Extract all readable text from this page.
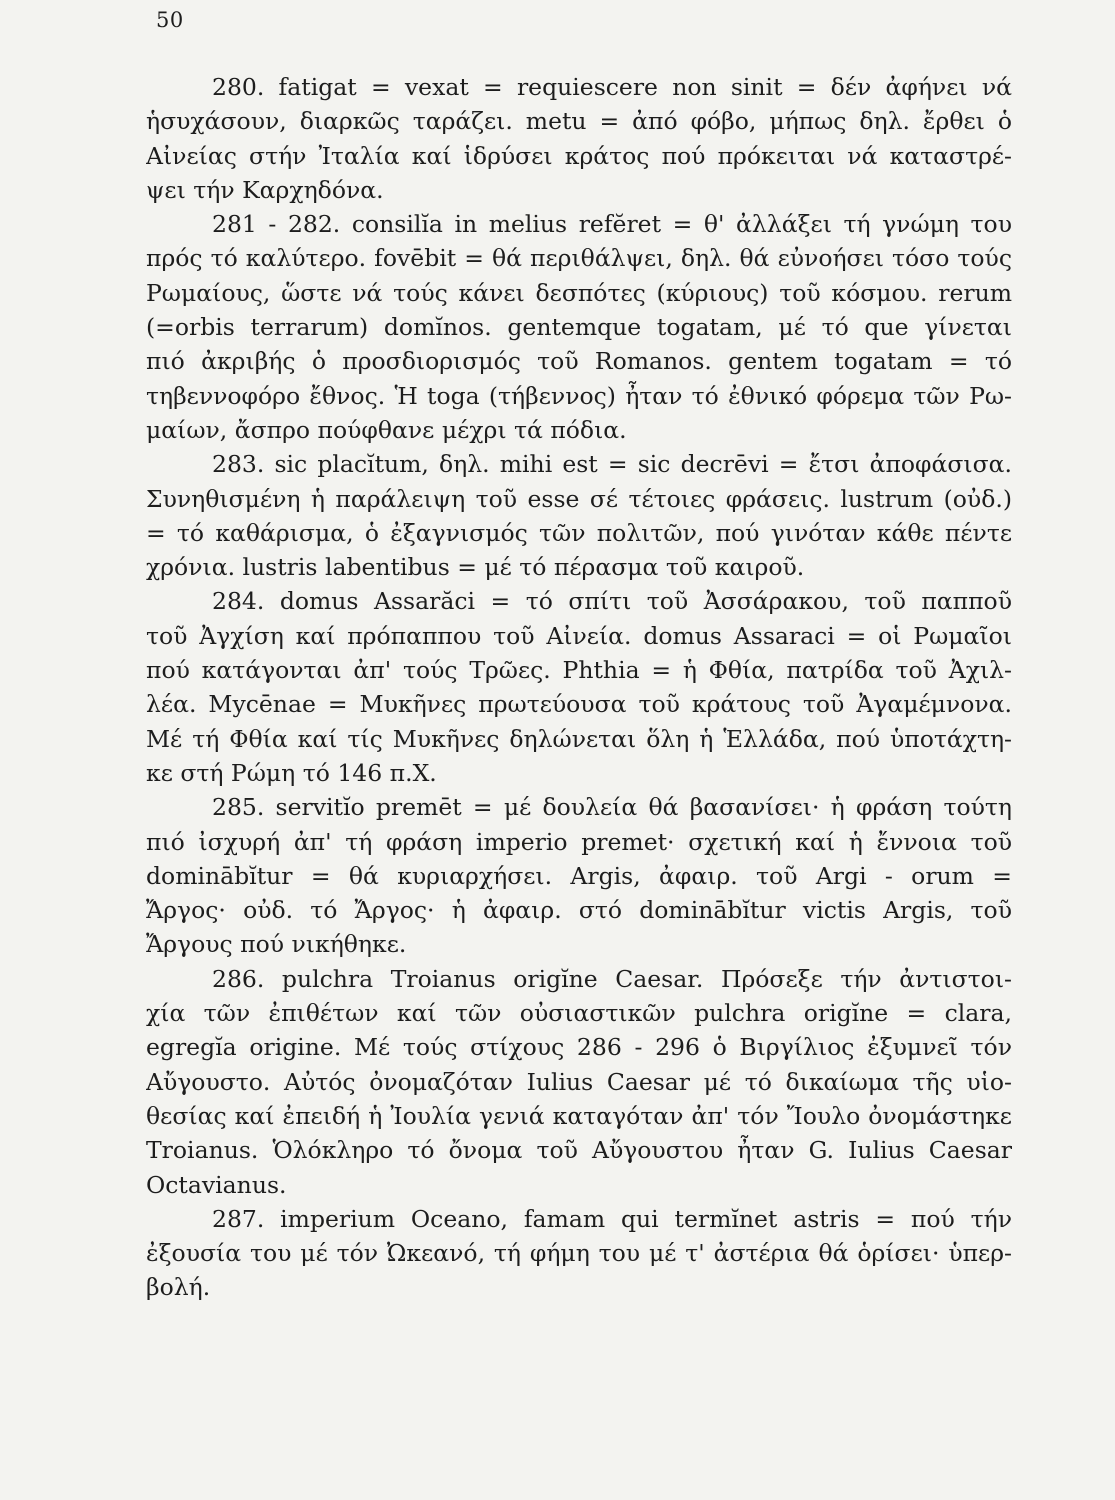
50
280. fatigat = vexat = requiescere non sinit = δέν ἀφήνει νά
ἡσυχάσουν, διαρκῶς ταράζει. metu = ἀπό φόβο, μήπως δηλ. ἔρθει ὁ
Αἰνείας στήν Ἰταλία καί ἱδρύσει κράτος πού πρόκειται νά καταστρέ-
ψει τήν Καρχηδόνα.
281 - 282. consilĭa in melius refĕret = θ' ἀλλάξει τή γνώμη του
πρός τό καλύτερο. fovēbit = θά περιθάλψει, δηλ. θά εὐνοήσει τόσο τούς
Ρωμαίους, ὥστε νά τούς κάνει δεσπότες (κύριους) τοῦ κόσμου. rerum
(=orbis terrarum) domĭnos. gentemque togatam, μέ τό que γίνεται
πιό ἀκριβής ὁ προσδιορισμός τοῦ Romanos. gentem togatam = τό
τηβεννοφόρο ἔθνος. Ἡ toga (τήβεννος) ἦταν τό ἐθνικό φόρεμα τῶν Ρω-
μαίων, ἄσπρο πούφθανε μέχρι τά πόδια.
283. sic placĭtum, δηλ. mihi est = sic decrēvi = ἔτσι ἀποφάσισα.
Συνηθισμένη ἡ παράλειψη τοῦ esse σέ τέτοιες φράσεις. lustrum (οὐδ.)
= τό καθάρισμα, ὁ ἐξαγνισμός τῶν πολιτῶν, πού γινόταν κάθε πέντε
χρόνια. lustris labentibus = μέ τό πέρασμα τοῦ καιροῦ.
284. domus Assarăci = τό σπίτι τοῦ Ἀσσάρακου, τοῦ παπποῦ
τοῦ Ἀγχίση καί πρόπαππου τοῦ Αἰνεία. domus Assaraci = οἱ Ρωμαῖοι
πού κατάγονται ἀπ' τούς Τρῶες. Phthia = ἡ Φθία, πατρίδα τοῦ Ἀχιλ-
λέα. Mycēnae = Μυκῆνες πρωτεύουσα τοῦ κράτους τοῦ Ἀγαμέμνονα.
Μέ τή Φθία καί τίς Μυκῆνες δηλώνεται ὅλη ἡ Ἑλλάδα, πού ὑποτάχτη-
κε στή Ρώμη τό 146 π.Χ.
285. servitĭo premēt = μέ δουλεία θά βασανίσει· ἡ φράση τούτη
πιό ἰσχυρή ἀπ' τή φράση imperio premet· σχετική καί ἡ ἔννοια τοῦ
dominābĭtur = θά κυριαρχήσει. Argis, ἀφαιρ. τοῦ Argi - orum =
Ἄργος· οὐδ. τό Ἄργος· ἡ ἀφαιρ. στό dominābĭtur victis Argis, τοῦ
Ἄργους πού νικήθηκε.
286. pulchra Troianus origĭne Caesar. Πρόσεξε τήν ἀντιστοι-
χία τῶν ἐπιθέτων καί τῶν οὐσιαστικῶν pulchra origĭne = clara,
egregĭa origine. Μέ τούς στίχους 286 - 296 ὁ Βιργίλιος ἐξυμνεῖ τόν
Αὔγουστο. Αὐτός ὀνομαζόταν Iulius Caesar μέ τό δικαίωμα τῆς υἱο-
θεσίας καί ἐπειδή ἡ Ἰουλία γενιά καταγόταν ἀπ' τόν Ἴουλο ὀνομάστηκε
Troianus. Ὁλόκληρο τό ὄνομα τοῦ Αὔγουστου ἦταν G. Iulius Caesar
Octavianus.
287. imperium Oceano, famam qui termĭnet astris = πού τήν
ἐξουσία του μέ τόν Ὠκεανό, τή φήμη του μέ τ' ἀστέρια θά ὁρίσει· ὑπερ-
βολή.
